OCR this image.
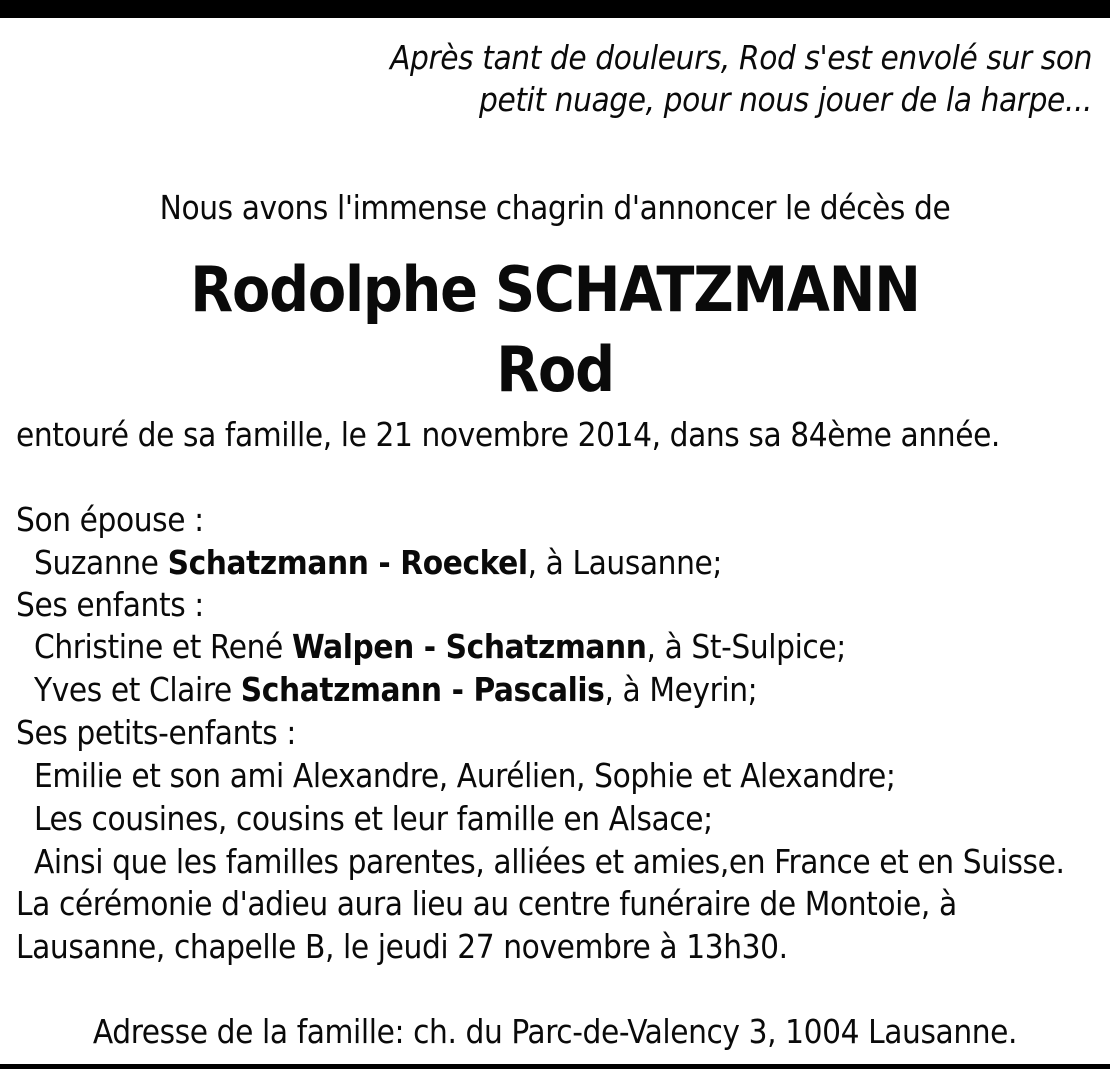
Après tant de douleurs, Rod s'est envolé sur son
petit nuage, pour nous jouer de la harpe...
Nous avons l'immense chagrin d'annoncer le décès de
Rodolphe SCHATZMANN
Rod
entouré de sa famille, le 21 novembre 2014, dans sa 84ème année.
Son épouse :
Suzanne Schatzmann - Roeckel, à Lausanne;
Ses enfants :
Christine et René Walpen - Schatzmann, à St-Sulpice;
Yves et Claire Schatzmann - Pascalis, à Meyrin;
Ses petits-enfants :
Emilie et son ami Alexandre, Aurélien, Sophie et Alexandre;
Les cousines, cousins et leur famille en Alsace;
Ainsi que les familles parentes, alliées et amies,en France et en Suisse.
La cérémonie d'adieu aura lieu au centre funéraire de Montoie, à
Lausanne, chapelle B, le jeudi 27 novembre à 13h30.
Adresse de la famille: ch. du Parc-de-Valency 3, 1004 Lausanne.
